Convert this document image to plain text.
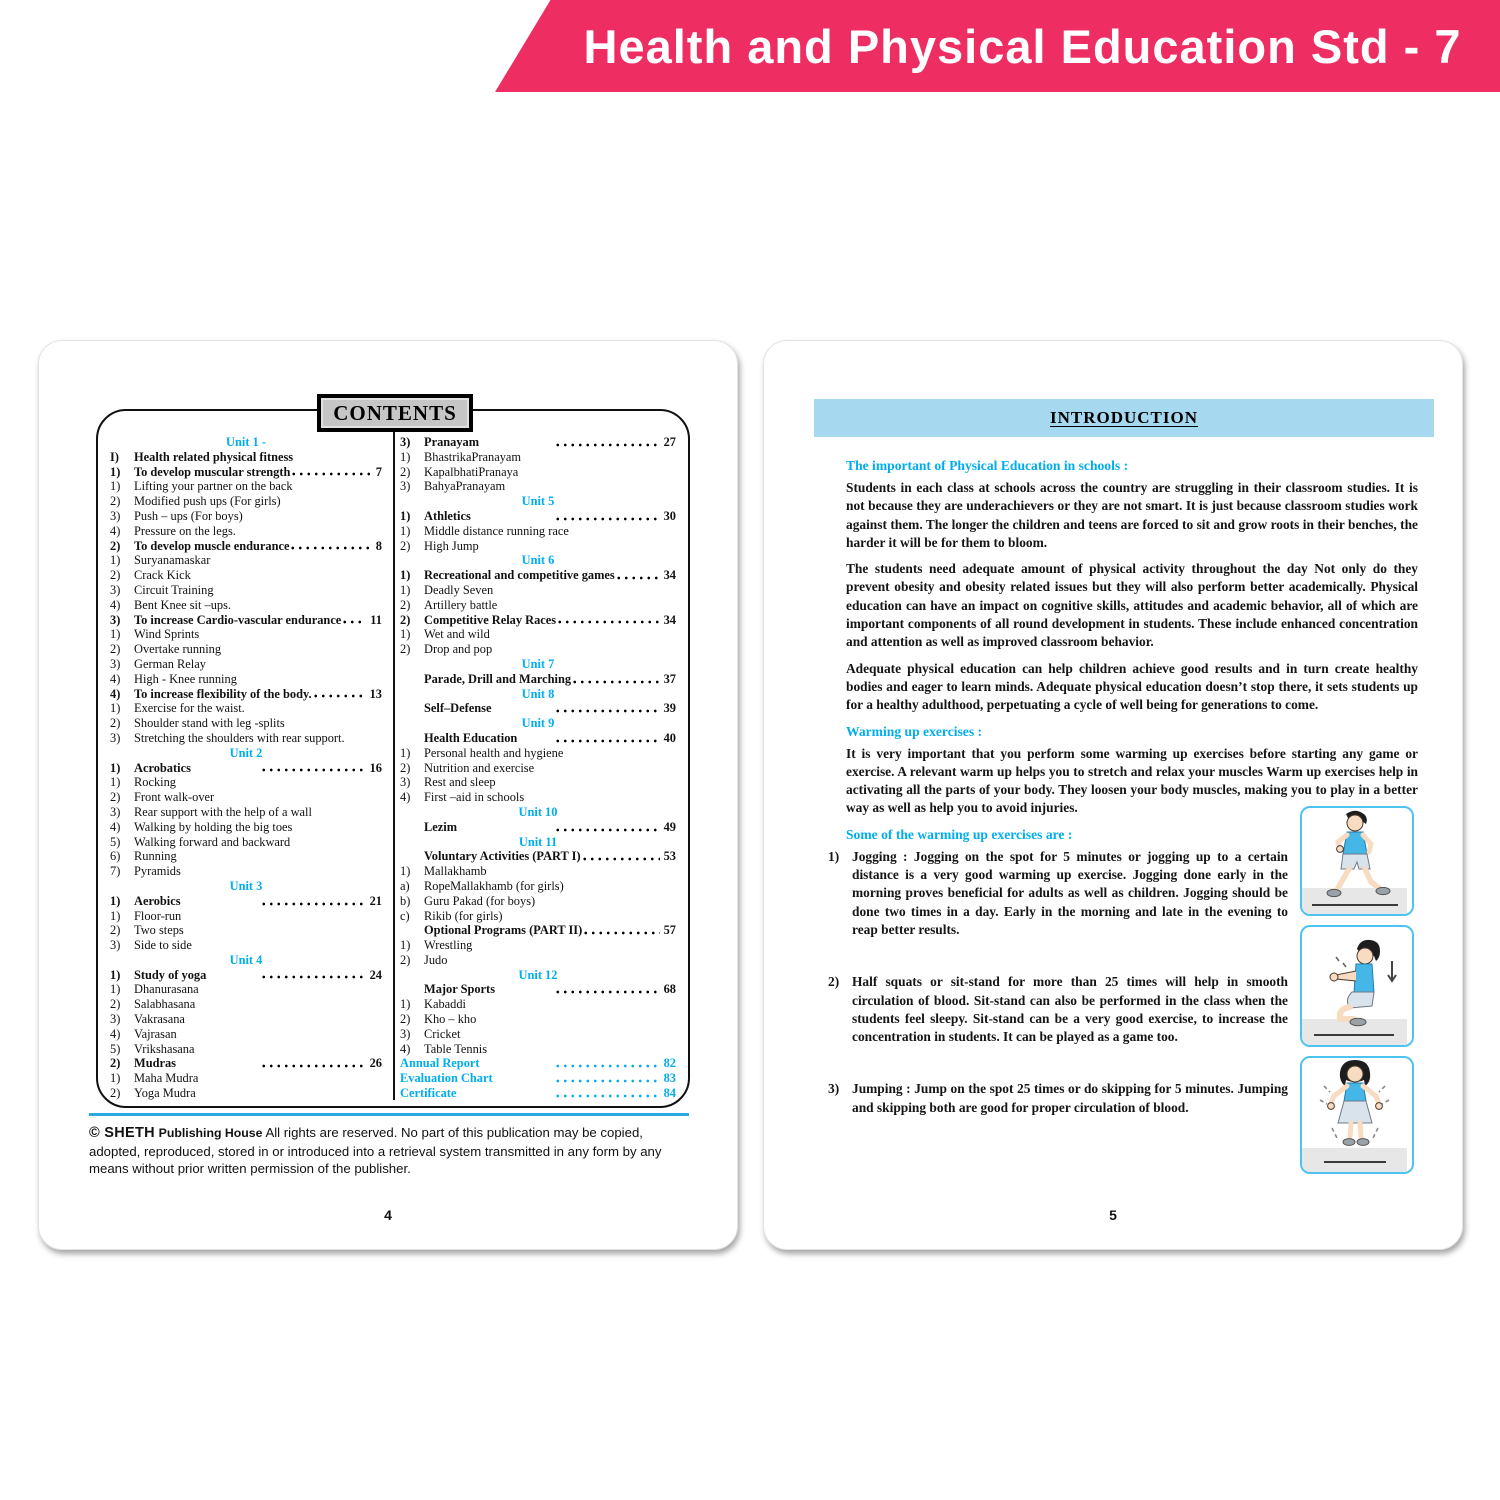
Health and Physical Education Std - 7
Unit 1 -
I)	Health related physical fitness
1)	To develop muscular strength	7
1)	Lifting your partner on the back
2)	Modified push ups (For girls)
3)	Push – ups (For boys)
4)	Pressure on the legs.
2)	To develop muscle endurance	8
1)	Suryanamaskar
2)	Crack Kick
3)	Circuit Training
4)	Bent Knee sit –ups.
3)	To increase Cardio-vascular endurance 11
1)	Wind Sprints
2)	Overtake running
3)	German Relay
4)	High - Knee running
4)	To increase flexibility of the body.	13
1)	Exercise for the waist.
2)	Shoulder stand with leg -splits
3)	Stretching the shoulders with rear support.
Unit 2
1)	Acrobatics	16
1)	Rocking
2)	Front walk-over
3)	Rear support with the help of a wall
4)	Walking by holding the big toes
5)	Walking forward and backward
6)	Running
7)	Pyramids
Unit 3
1)	Aerobics	21
1)	Floor-run
2)	Two steps
3)	Side to side
Unit 4
1)	Study of yoga	24
1)	Dhanurasana
2)	Salabhasana
3)	Vakrasana
4)	Vajrasan
5)	Vrikshasana
2)	Mudras	26
1)	Maha Mudra
2)	Yoga Mudra
3)	Pranayam	27
1)	BhastrikaPranayam
2)	KapalbhatiPranaya
3)	BahyaPranayam
Unit 5
1)	Athletics	30
1)	Middle distance running race
2)	High Jump
Unit 6
1)	Recreational and competitive games	34
1)	Deadly Seven
2)	Artillery battle
2)	Competitive Relay Races	34
1)	Wet and wild
2)	Drop and pop
Unit 7
Parade, Drill and Marching	37
Unit 8
Self–Defense	39
Unit 9
Health Education	40
1)	Personal health and hygiene
2)	Nutrition and exercise
3)	Rest and sleep
4)	First –aid in schools
Unit 10
Lezim	49
Unit 11
Voluntary Activities (PART I)	53
1)	Mallakhamb
a)	RopeMallakhamb (for girls)
b)	Guru Pakad (for boys)
c)	Rikib (for girls)
Optional Programs (PART II)	57
1)	Wrestling
2)	Judo
Unit 12
Major Sports	68
1)	Kabaddi
2)	Kho – kho
3)	Cricket
4)	Table Tennis
Annual Report	82
Evaluation Chart	83
Certificate	84
CONTENTS
© SHETH Publishing House All rights are reserved. No part of this publication may be copied, adopted, reproduced, stored in or introduced into a retrieval system transmitted in any form by any means without prior written permission of the publisher.
4
INTRODUCTION
The important of Physical Education in schools :
Students in each class at schools across the country are struggling in their classroom studies. It is not because they are underachievers or they are not smart. It is just because classroom studies work against them. The longer the children and teens are forced to sit and grow roots in their benches, the harder it will be for them to bloom.
The students need adequate amount of physical activity throughout the day Not only do they prevent obesity and obesity related issues but they will also perform better academically. Physical education can have an impact on cognitive skills, attitudes and academic behavior, all of which are important components of all round development in students. These include enhanced concentration and attention as well as improved classroom behavior.
Adequate physical education can help children achieve good results and in turn create healthy bodies and eager to learn minds. Adequate physical education doesn’t stop there, it sets students up for a healthy adulthood, perpetuating a cycle of well being for generations to come.
Warming up exercises :
It is very important that you perform some warming up exercises before starting any game or exercise. A relevant warm up helps you to stretch and relax your muscles Warm up exercises help in activating all the parts of your body. They loosen your body muscles, making you to play in a better way as well as help you to avoid injuries.
Some of the warming up exercises are :
1) Jogging : Jogging on the spot for 5 minutes or jogging up to a certain distance is a very good warming up exercise. Jogging done early in the morning proves beneficial for adults as well as children. Jogging should be done two times in a day. Early in the morning and late in the evening to reap better results.
2) Half squats or sit-stand for more than 25 times will help in smooth circulation of blood. Sit-stand can also be performed in the class when the students feel sleepy. Sit-stand can be a very good exercise, to increase the concentration in students. It can be played as a game too.
3) Jumping : Jump on the spot 25 times or do skipping for 5 minutes. Jumping and skipping both are good for proper circulation of blood.
5
